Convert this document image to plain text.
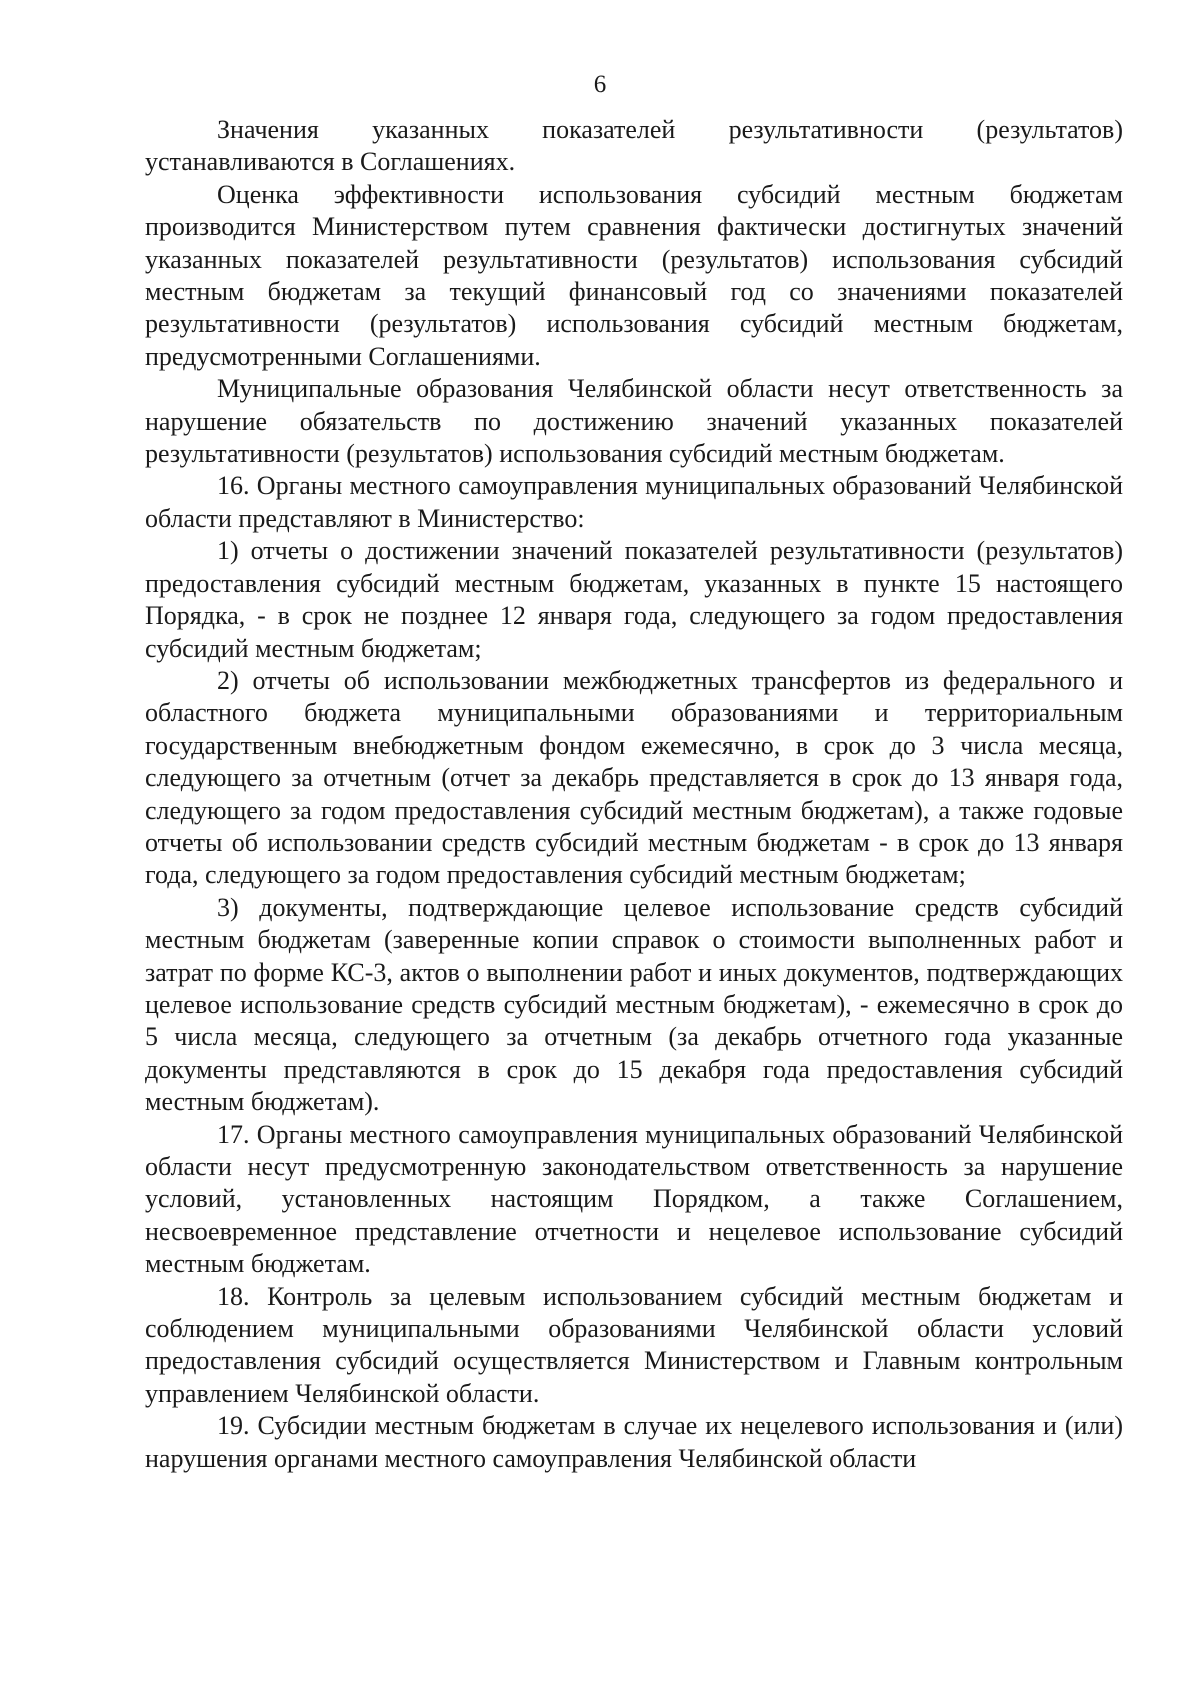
6

Значения указанных показателей результативности (результатов) устанавливаются в Соглашениях.

Оценка эффективности использования субсидий местным бюджетам производится Министерством путем сравнения фактически достигнутых значений указанных показателей результативности (результатов) использования субсидий местным бюджетам за текущий финансовый год со значениями показателей результативности (результатов) использования субсидий местным бюджетам, предусмотренными Соглашениями.

Муниципальные образования Челябинской области несут ответственность за нарушение обязательств по достижению значений указанных показателей результативности (результатов) использования субсидий местным бюджетам.

16. Органы местного самоуправления муниципальных образований Челябинской области представляют в Министерство:

1) отчеты о достижении значений показателей результативности (результатов) предоставления субсидий местным бюджетам, указанных в пункте 15 настоящего Порядка, - в срок не позднее 12 января года, следующего за годом предоставления субсидий местным бюджетам;

2) отчеты об использовании межбюджетных трансфертов из федерального и областного бюджета муниципальными образованиями и территориальным государственным внебюджетным фондом ежемесячно, в срок до 3 числа месяца, следующего за отчетным (отчет за декабрь представляется в срок до 13 января года, следующего за годом предоставления субсидий местным бюджетам), а также годовые отчеты об использовании средств субсидий местным бюджетам - в срок до 13 января года, следующего за годом предоставления субсидий местным бюджетам;

3) документы, подтверждающие целевое использование средств субсидий местным бюджетам (заверенные копии справок о стоимости выполненных работ и затрат по форме КС-3, актов о выполнении работ и иных документов, подтверждающих целевое использование средств субсидий местным бюджетам), - ежемесячно в срок до 5 числа месяца, следующего за отчетным (за декабрь отчетного года указанные документы представляются в срок до 15 декабря года предоставления субсидий местным бюджетам).

17. Органы местного самоуправления муниципальных образований Челябинской области несут предусмотренную законодательством ответственность за нарушение условий, установленных настоящим Порядком, а также Соглашением, несвоевременное представление отчетности и нецелевое использование субсидий местным бюджетам.

18. Контроль за целевым использованием субсидий местным бюджетам и соблюдением муниципальными образованиями Челябинской области условий предоставления субсидий осуществляется Министерством и Главным контрольным управлением Челябинской области.

19. Субсидии местным бюджетам в случае их нецелевого использования и (или) нарушения органами местного самоуправления Челябинской области
